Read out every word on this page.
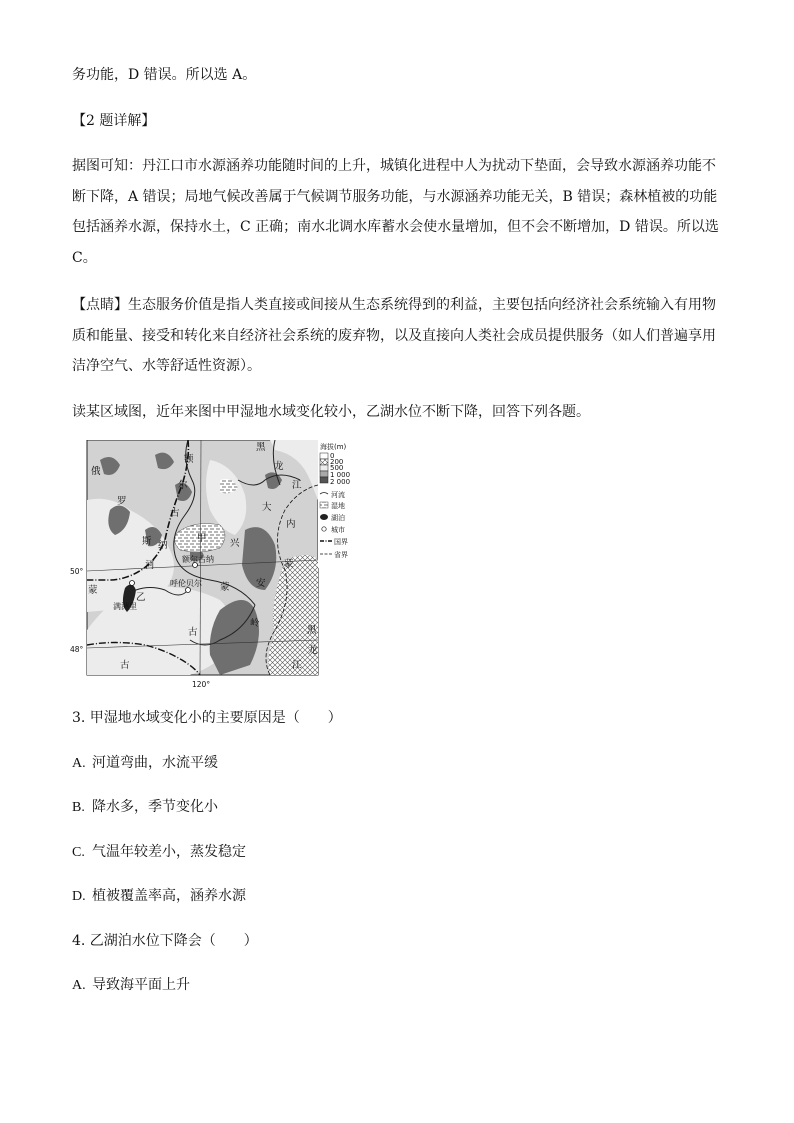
务功能，D 错误。所以选 A。

【2 题详解】

据图可知：丹江口市水源涵养功能随时间的上升，城镇化进程中人为扰动下垫面，会导致水源涵养功能不
断下降，A 错误；局地气候改善属于气候调节服务功能，与水源涵养功能无关，B 错误；森林植被的功能
包括涵养水源，保持水土，C 正确；南水北调水库蓄水会使水量增加，但不会不断增加，D 错误。所以选
C。

【点睛】生态服务价值是指人类直接或间接从生态系统得到的利益，主要包括向经济社会系统输入有用物
质和能量、接受和转化来自经济社会系统的废弃物，以及直接向人类社会成员提供服务（如人们普遍享用
洁净空气、水等舒适性资源）。

读某区域图，近年来图中甲湿地水域变化较小，乙湖水位不断下降，回答下列各题。

俄
罗
斯
额
尔
古
纳
河
甲
乙
黑
龙
江
大
内
兴
蒙
安
蒙
岭
古
蒙
古
黑
龙
江
额尔古纳
呼伦贝尔
满洲里
50°
48°
120°
海拔(m)
0
200
500
1 000
2 000
河流
湿地
湖泊
城市
国界
省界
3. 甲湿地水域变化小的主要原因是（　　）
A. 河道弯曲，水流平缓
B. 降水多，季节变化小
C. 气温年较差小，蒸发稳定
D. 植被覆盖率高，涵养水源
4. 乙湖泊水位下降会（　　）
A. 导致海平面上升
